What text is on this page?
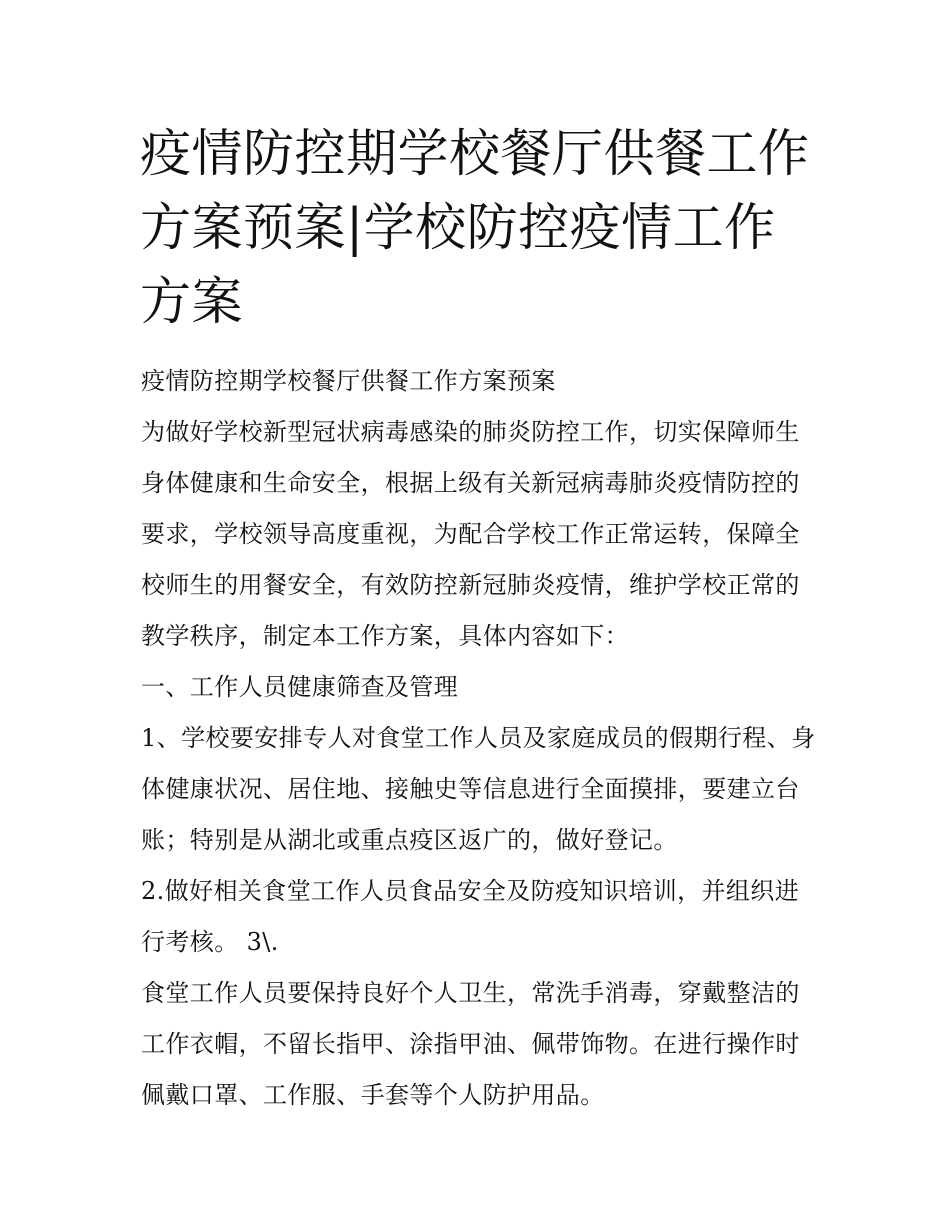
疫情防控期学校餐厅供餐工作方案预案|学校防控疫情工作方案

疫情防控期学校餐厅供餐工作方案预案

为做好学校新型冠状病毒感染的肺炎防控工作，切实保障师生身体健康和生命安全，根据上级有关新冠病毒肺炎疫情防控的要求，学校领导高度重视，为配合学校工作正常运转，保障全校师生的用餐安全，有效防控新冠肺炎疫情，维护学校正常的教学秩序，制定本工作方案，具体内容如下：

一、工作人员健康筛查及管理

1、学校要安排专人对食堂工作人员及家庭成员的假期行程、身体健康状况、居住地、接触史等信息进行全面摸排，要建立台账；特别是从湖北或重点疫区返广的，做好登记。

2.做好相关食堂工作人员食品安全及防疫知识培训，并组织进行考核。 3\.

食堂工作人员要保持良好个人卫生，常洗手消毒，穿戴整洁的工作衣帽，不留长指甲、涂指甲油、佩带饰物。在进行操作时佩戴口罩、工作服、手套等个人防护用品。
